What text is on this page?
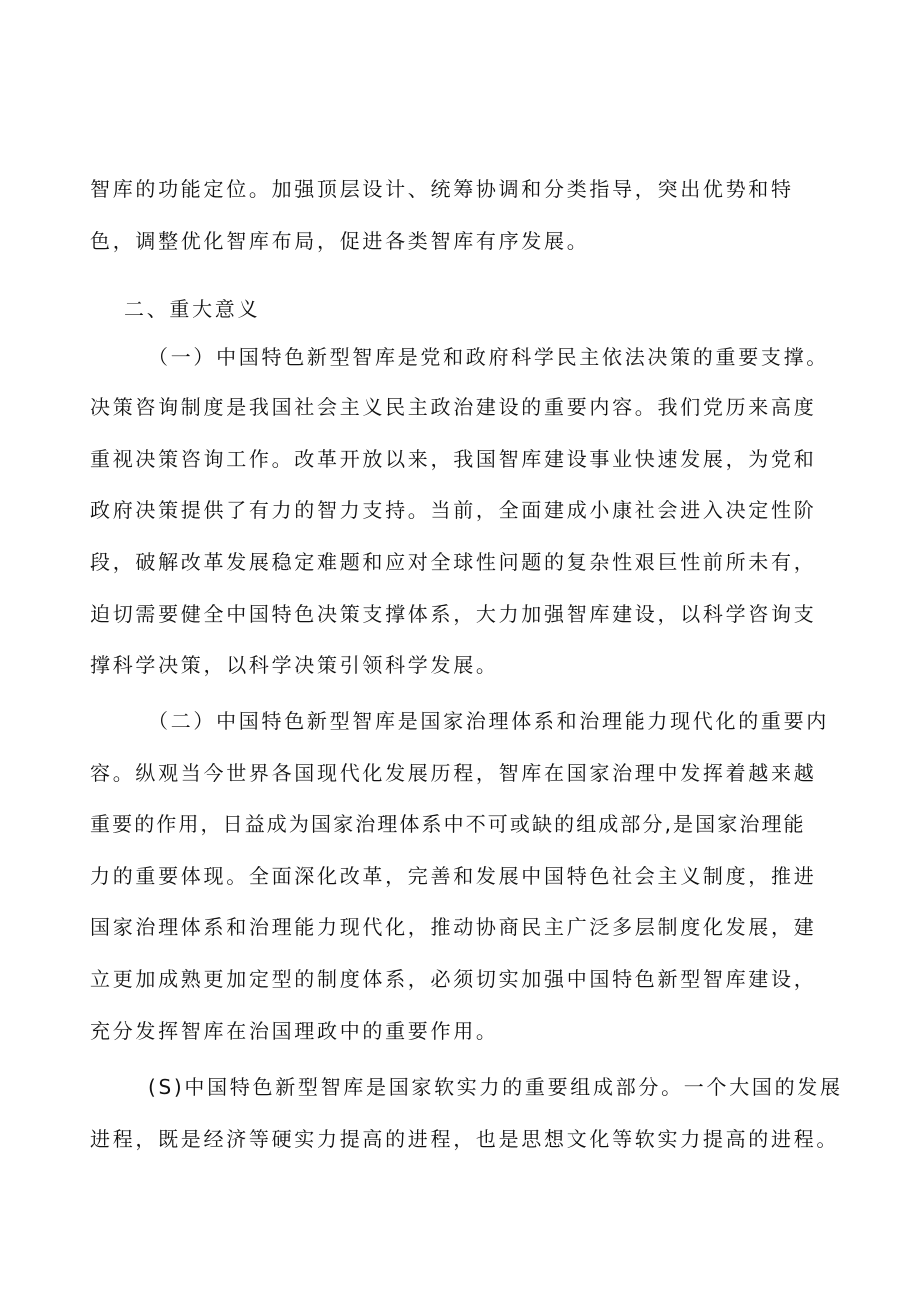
智库的功能定位。加强顶层设计、统筹协调和分类指导，突出优势和特
色，调整优化智库布局，促进各类智库有序发展。
二、重大意义
（一）中国特色新型智库是党和政府科学民主依法决策的重要支撑。
决策咨询制度是我国社会主义民主政治建设的重要内容。我们党历来高度
重视决策咨询工作。改革开放以来，我国智库建设事业快速发展，为党和
政府决策提供了有力的智力支持。当前，全面建成小康社会进入决定性阶
段，破解改革发展稳定难题和应对全球性问题的复杂性艰巨性前所未有，
迫切需要健全中国特色决策支撑体系，大力加强智库建设，以科学咨询支
撑科学决策，以科学决策引领科学发展。
（二）中国特色新型智库是国家治理体系和治理能力现代化的重要内
容。纵观当今世界各国现代化发展历程，智库在国家治理中发挥着越来越
重要的作用，日益成为国家治理体系中不可或缺的组成部分,是国家治理能
力的重要体现。全面深化改革，完善和发展中国特色社会主义制度，推进
国家治理体系和治理能力现代化，推动协商民主广泛多层制度化发展，建
立更加成熟更加定型的制度体系，必须切实加强中国特色新型智库建设，
充分发挥智库在治国理政中的重要作用。
(S)中国特色新型智库是国家软实力的重要组成部分。一个大国的发展
进程，既是经济等硬实力提高的进程，也是思想文化等软实力提高的进程。
